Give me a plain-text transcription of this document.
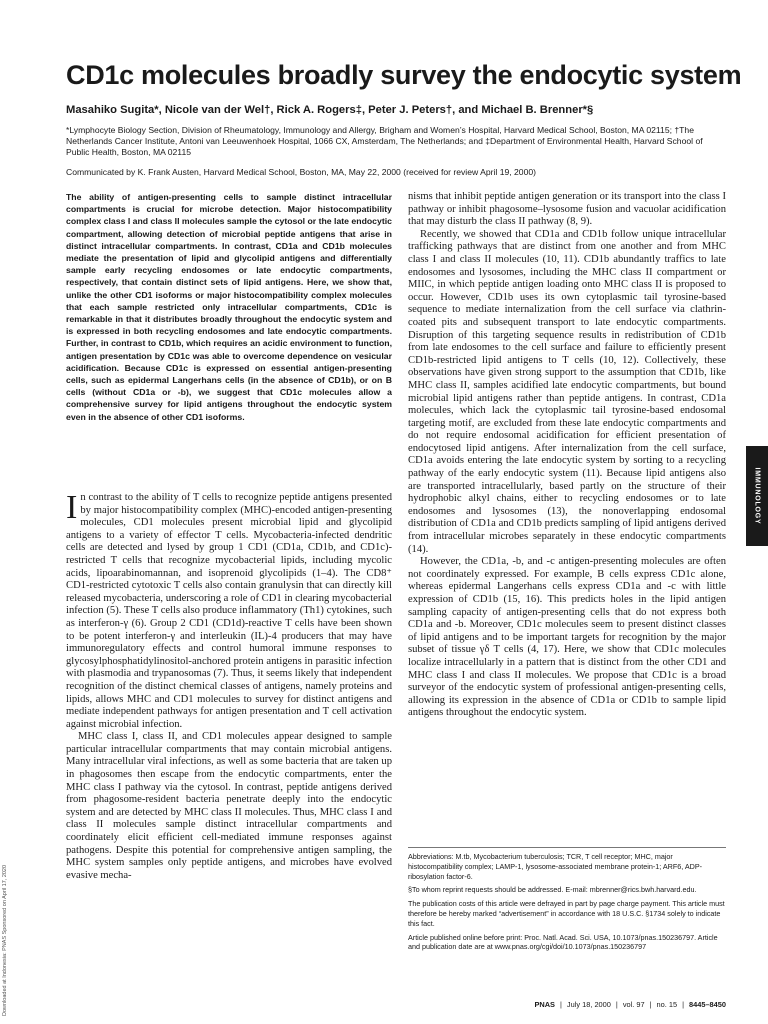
CD1c molecules broadly survey the endocytic system
Masahiko Sugita*, Nicole van der Wel†, Rick A. Rogers‡, Peter J. Peters†, and Michael B. Brenner*§
*Lymphocyte Biology Section, Division of Rheumatology, Immunology and Allergy, Brigham and Women’s Hospital, Harvard Medical School, Boston, MA 02115; †The Netherlands Cancer Institute, Antoni van Leeuwenhoek Hospital, 1066 CX, Amsterdam, The Netherlands; and ‡Department of Environmental Health, Harvard School of Public Health, Boston, MA 02115
Communicated by K. Frank Austen, Harvard Medical School, Boston, MA, May 22, 2000 (received for review April 19, 2000)

The ability of antigen-presenting cells to sample distinct intracellular compartments is crucial for microbe detection. Major histocompatibility complex class I and class II molecules sample the cytosol or the late endocytic compartment, allowing detection of microbial peptide antigens that arise in distinct intracellular compartments. In contrast, CD1a and CD1b molecules mediate the presentation of lipid and glycolipid antigens and differentially sample early recycling endosomes or late endocytic compartments, respectively, that contain distinct sets of lipid antigens. Here, we show that, unlike the other CD1 isoforms or major histocompatibility complex molecules that each sample restricted only intracellular compartments, CD1c is remarkable in that it distributes broadly throughout the endocytic system and is expressed in both recycling endosomes and late endocytic compartments. Further, in contrast to CD1b, which requires an acidic environment to function, antigen presentation by CD1c was able to overcome dependence on vesicular acidification. Because CD1c is expressed on essential antigen-presenting cells, such as epidermal Langerhans cells (in the absence of CD1b), or on B cells (without CD1a or -b), we suggest that CD1c molecules allow a comprehensive survey for lipid antigens throughout the endocytic system even in the absence of other CD1 isoforms.

In contrast to the ability of T cells to recognize peptide antigens presented by major histocompatibility complex (MHC)-encoded antigen-presenting molecules, CD1 molecules present microbial lipid and glycolipid antigens to a variety of effector T cells. Mycobacteria-infected dendritic cells are detected and lysed by group 1 CD1 (CD1a, CD1b, and CD1c)-restricted T cells that recognize mycobacterial lipids, including mycolic acids, lipoarabinomannan, and isoprenoid glycolipids (1–4). The CD8⁺ CD1-restricted cytotoxic T cells also contain granulysin that can directly kill released mycobacteria, underscoring a role of CD1 in clearing mycobacterial infection (5). These T cells also produce inflammatory (Th1) cytokines, such as interferon-γ (6). Group 2 CD1 (CD1d)-reactive T cells have been shown to be potent interferon-γ and interleukin (IL)-4 producers that may have immunoregulatory effects and control humoral immune responses to glycosylphosphatidylinositol-anchored protein antigens in parasitic infection with plasmodia and trypanosomas (7). Thus, it seems likely that independent recognition of the distinct chemical classes of antigens, namely proteins and lipids, allows MHC and CD1 molecules to survey for distinct antigens and mediate independent pathways for antigen presentation and T cell activation against microbial infection.

MHC class I, class II, and CD1 molecules appear designed to sample particular intracellular compartments that may contain microbial antigens. Many intracellular viral infections, as well as some bacteria that are taken up in phagosomes then escape from the endocytic compartments, enter the MHC class I pathway via the cytosol. In contrast, peptide antigens derived from phagosome-resident bacteria penetrate deeply into the endocytic system and are detected by MHC class II molecules. Thus, MHC class I and class II molecules sample distinct intracellular compartments and coordinately elicit efficient cell-mediated immune responses against pathogens. Despite this potential for comprehensive antigen sampling, the MHC system samples only peptide antigens, and microbes have evolved evasive mecha-

nisms that inhibit peptide antigen generation or its transport into the class I pathway or inhibit phagosome–lysosome fusion and vacuolar acidification that may disturb the class II pathway (8, 9).

Recently, we showed that CD1a and CD1b follow unique intracellular trafficking pathways that are distinct from one another and from MHC class I and class II molecules (10, 11). CD1b abundantly traffics to late endosomes and lysosomes, including the MHC class II compartment or MIIC, in which peptide antigen loading onto MHC class II is proposed to occur. However, CD1b uses its own cytoplasmic tail tyrosine-based sequence to mediate internalization from the cell surface via clathrin-coated pits and subsequent transport to late endocytic compartments. Disruption of this targeting sequence results in redistribution of CD1b from late endosomes to the cell surface and failure to efficiently present CD1b-restricted lipid antigens to T cells (10, 12). Collectively, these observations have given strong support to the assumption that CD1b, like MHC class II, samples acidified late endocytic compartments, but bound microbial lipid antigens rather than peptide antigens. In contrast, CD1a molecules, which lack the cytoplasmic tail tyrosine-based endosomal targeting motif, are excluded from these late endocytic compartments and do not require endosomal acidification for efficient presentation of endocytosed lipid antigens. After internalization from the cell surface, CD1a avoids entering the late endocytic system by sorting to a recycling pathway of the early endocytic system (11). Because lipid antigens also are transported intracellularly, based partly on the structure of their hydrophobic alkyl chains, either to recycling endosomes or to late endosomes and lysosomes (13), the nonoverlapping endosomal distribution of CD1a and CD1b predicts sampling of lipid antigens derived from intracellular microbes separately in these endocytic compartments (14).

However, the CD1a, -b, and -c antigen-presenting molecules are often not coordinately expressed. For example, B cells express CD1c alone, whereas epidermal Langerhans cells express CD1a and -c with little expression of CD1b (15, 16). This predicts holes in the lipid antigen sampling capacity of antigen-presenting cells that do not express both CD1a and -b. Moreover, CD1c molecules seem to present distinct classes of lipid antigens and to be important targets for recognition by the major subset of tissue γδ T cells (4, 17). Here, we show that CD1c molecules localize intracellularly in a pattern that is distinct from the other CD1 and MHC class I and class II molecules. We propose that CD1c is a broad surveyor of the endocytic system of professional antigen-presenting cells, allowing its expression in the absence of CD1a or CD1b to sample lipid antigens throughout the endocytic system.

Abbreviations: M.tb, Mycobacterium tuberculosis; TCR, T cell receptor; MHC, major histocompatibility complex; LAMP-1, lysosome-associated membrane protein-1; ARF6, ADP-ribosylation factor-6.

§To whom reprint requests should be addressed. E-mail: mbrenner@rics.bwh.harvard.edu.

The publication costs of this article were defrayed in part by page charge payment. This article must therefore be hereby marked “advertisement” in accordance with 18 U.S.C. §1734 solely to indicate this fact.

Article published online before print: Proc. Natl. Acad. Sci. USA, 10.1073/pnas.150236797. Article and publication date are at www.pnas.org/cgi/doi/10.1073/pnas.150236797

IMMUNOLOGY
Downloaded at Indonesia: PNAS Sponsored on April 17, 2020	PNAS | July 18, 2000 | vol. 97 | no. 15 | 8445–8450
